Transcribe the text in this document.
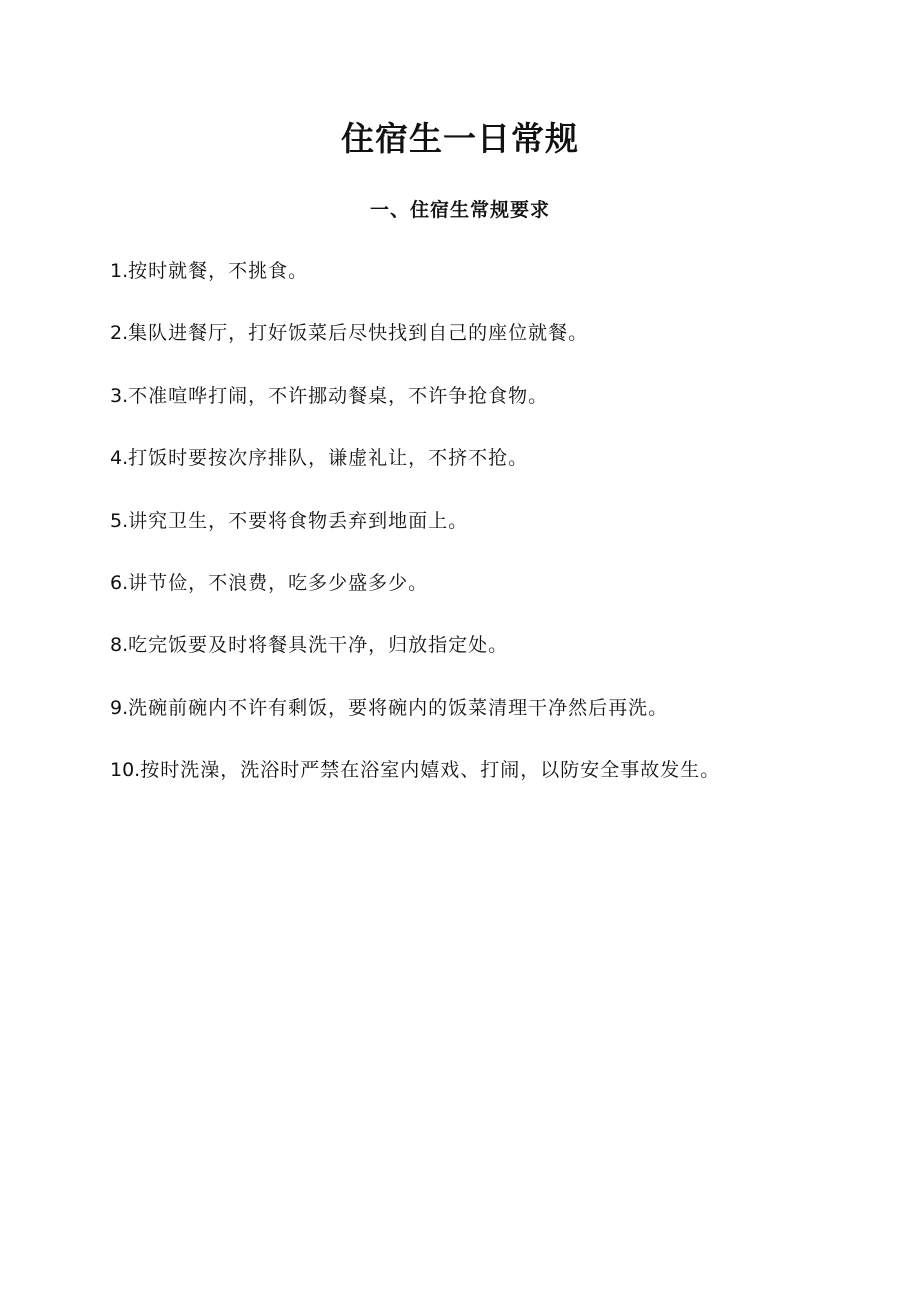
住宿生一日常规
一、住宿生常规要求
1.按时就餐，不挑食。
2.集队进餐厅，打好饭菜后尽快找到自己的座位就餐。
3.不准喧哗打闹，不许挪动餐桌，不许争抢食物。
4.打饭时要按次序排队，谦虚礼让，不挤不抢。
5.讲究卫生，不要将食物丢弃到地面上。
6.讲节俭，不浪费，吃多少盛多少。
8.吃完饭要及时将餐具洗干净，归放指定处。
9.洗碗前碗内不许有剩饭，要将碗内的饭菜清理干净然后再洗。
10.按时洗澡，洗浴时严禁在浴室内嬉戏、打闹，以防安全事故发生。
